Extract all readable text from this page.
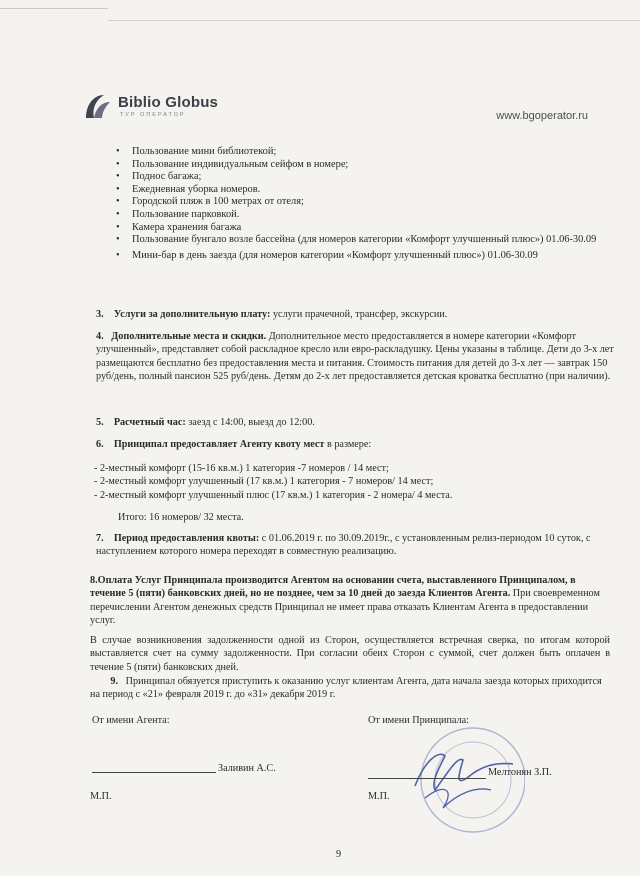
Biblio Globus
ТУР ОПЕРАТОР	www.bgoperator.ru
• Пользование мини библиотекой;
• Пользование индивидуальным сейфом в номере;
• Поднос багажа;
• Ежедневная уборка номеров.
• Городской пляж в 100 метрах от отеля;
• Пользование парковкой.
• Камера хранения багажа
• Пользование бунгало возле бассейна (для номеров категории «Комфорт улучшенный плюс») 01.06-30.09
• Мини-бар в день заезда (для номеров категории «Комфорт улучшенный плюс») 01.06-30.09
3. Услуги за дополнительную плату: услуги прачечной, трансфер, экскурсии.
4. Дополнительные места и скидки. Дополнительное место предоставляется в номере категории «Комфорт улучшенный», представляет собой раскладное кресло или евро-раскладушку. Цены указаны в таблице. Дети до 3-х лет размещаются бесплатно без предоставления места и питания. Стоимость питания для детей до 3-х лет — завтрак 150 руб/день, полный пансион 525 руб/день. Детям до 2-х лет предоставляется детская кроватка бесплатно (при наличии).
5. Расчетный час: заезд с 14:00, выезд до 12:00.
6. Принципал предоставляет Агенту квоту мест в размере:
- 2-местный комфорт (15-16 кв.м.) 1 категория -7 номеров / 14 мест;
- 2-местный комфорт улучшенный (17 кв.м.) 1 категория - 7 номеров/ 14 мест;
- 2-местный комфорт улучшенный плюс (17 кв.м.) 1 категория - 2 номера/ 4 места.
Итого: 16 номеров/ 32 места.
7. Период предоставления квоты: с 01.06.2019 г. по 30.09.2019г., с установленным релиз-периодом 10 суток, с наступлением которого номера переходят в совместную реализацию.
8.Оплата Услуг Принципала производится Агентом на основании счета, выставленного Принципалом, в течение 5 (пяти) банковских дней, но не позднее, чем за 10 дней до заезда Клиентов Агента. При своевременном перечислении Агентом денежных средств Принципал не имеет права отказать Клиентам Агента в предоставлении услуг.
В случае возникновения задолженности одной из Сторон, осуществляется встречная сверка, по итогам которой выставляется счет на сумму задолженности. При согласии обеих Сторон с суммой, счет должен быть оплачен в течение 5 (пяти) банковских дней.
9. Принципал обязуется приступить к оказанию услуг клиентам Агента, дата начала заезда которых приходится на период с «21» февраля 2019 г. до «31» декабря 2019 г.
От имени Агента:	От имени Принципала:
Заливин А.С.	Мелтонян З.П.
М.П.	М.П.
9
